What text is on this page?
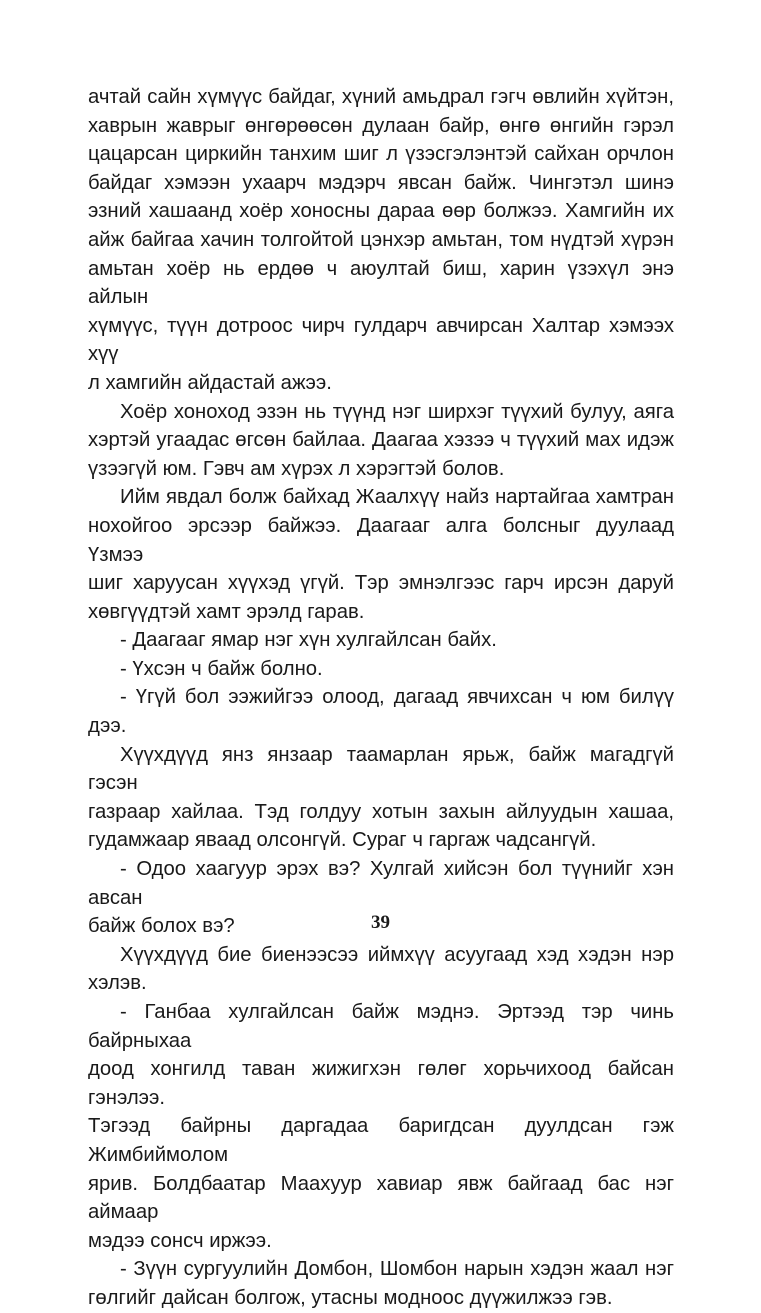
ачтай сайн хүмүүс байдаг, хүний амьдрал гэгч өвлийн хүйтэн,

хаврын жаврыг өнгөрөөсөн дулаан байр, өнгө өнгийн гэрэл

цацарсан циркийн танхим шиг л үзэсгэлэнтэй сайхан орчлон

байдаг хэмээн ухаарч мэдэрч явсан байж. Чингэтэл шинэ

эзний хашаанд хоёр хоносны дараа өөр болжээ. Хамгийн их

айж байгаа хачин толгойтой цэнхэр амьтан, том нүдтэй хүрэн

амьтан хоёр нь ердөө ч аюултай биш, харин үзэхүл энэ айлын

хүмүүс, түүн дотроос чирч гулдарч авчирсан Халтар хэмээх хүү

л хамгийн айдастай ажээ.

Хоёр хоноход эзэн нь түүнд нэг ширхэг түүхий булуу, аяга

хэртэй угаадас өгсөн байлаа. Даагаа хэзээ ч түүхий мах идэж

үзээгүй юм. Гэвч ам хүрэх л хэрэгтэй болов.

Ийм явдал болж байхад Жаалхүү найз нартайгаа хамтран

нохойгоо эрсээр байжээ. Даагааг алга болсныг дуулаад Үзмээ

шиг харуусан хүүхэд үгүй. Тэр эмнэлгээс гарч ирсэн даруй

хөвгүүдтэй хамт эрэлд гарав.

- Даагааг ямар нэг хүн хулгайлсан байх.

- Үхсэн ч байж болно.

- Үгүй бол ээжийгээ олоод, дагаад явчихсан ч юм билүү дээ.

Хүүхдүүд янз янзаар таамарлан ярьж, байж магадгүй гэсэн

газраар хайлаа. Тэд голдуу хотын захын айлуудын хашаа,

гудамжаар яваад олсонгүй. Сураг ч гаргаж чадсангүй.

- Одоо хаагуур эрэх вэ? Хулгай хийсэн бол түүнийг хэн авсан

байж болох вэ?

Хүүхдүүд бие биенээсээ иймхүү асуугаад хэд хэдэн нэр

хэлэв.

- Ганбаа хулгайлсан байж мэднэ. Эртээд тэр чинь байрныхаа

доод хонгилд таван жижигхэн гөлөг хорьчихоод байсан гэнэлээ.

Тэгээд байрны даргадаа баригдсан дуулдсан гэж Жимбиймолом

ярив. Болдбаатар Маахуур хавиар явж байгаад бас нэг аймаар

мэдээ сонсч иржээ.

- Зүүн сургуулийн Домбон, Шомбон нарын хэдэн жаал нэг

гөлгийг дайсан болгож, утасны модноос дүүжилжээ гэв.

39
